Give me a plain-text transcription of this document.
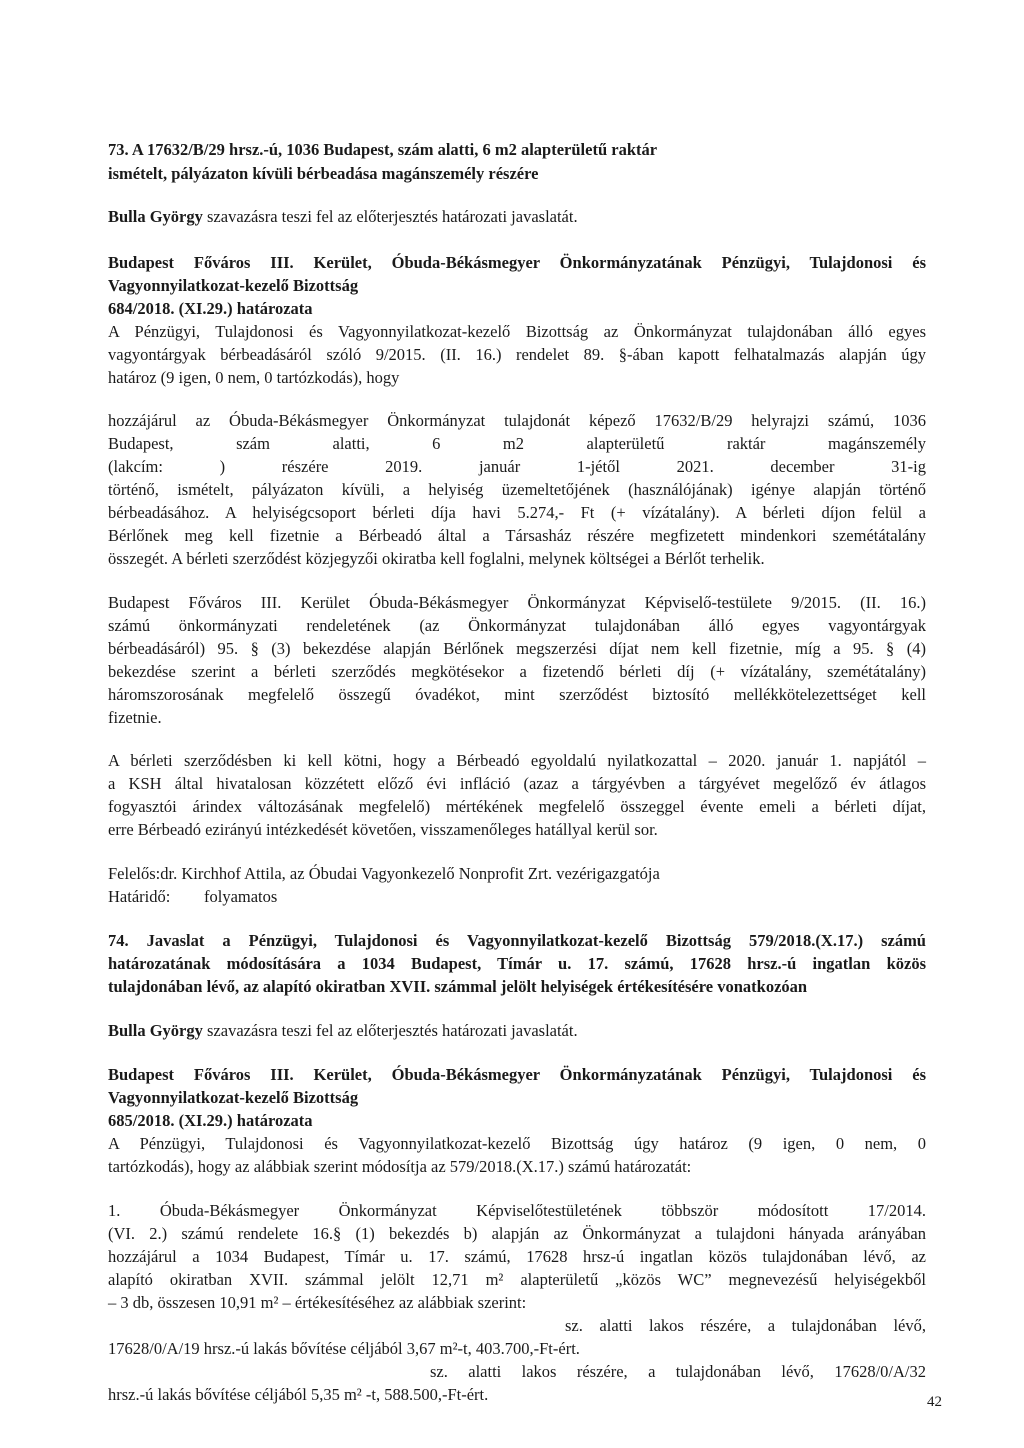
73. A 17632/B/29 hrsz.-ú, 1036 Budapest, szám alatti, 6 m2 alapterületű raktár
ismételt, pályázaton kívüli bérbeadása magánszemély részére
Bulla György szavazásra teszi fel az előterjesztés határozati javaslatát.
Budapest Főváros III. Kerület, Óbuda-Békásmegyer Önkormányzatának Pénzügyi, Tulajdonosi és
Vagyonnyilatkozat-kezelő Bizottság
684/2018. (XI.29.) határozata
A Pénzügyi, Tulajdonosi és Vagyonnyilatkozat-kezelő Bizottság az Önkormányzat tulajdonában álló egyes
vagyontárgyak bérbeadásáról szóló 9/2015. (II. 16.) rendelet 89. §-ában kapott felhatalmazás alapján úgy
határoz (9 igen, 0 nem, 0 tartózkodás), hogy
hozzájárul az Óbuda-Békásmegyer Önkormányzat tulajdonát képező 17632/B/29 helyrajzi számú, 1036
Budapest, szám alatti, 6 m2 alapterületű raktár magánszemély
(lakcím: ) részére 2019. január 1-jétől 2021. december 31-ig
történő, ismételt, pályázaton kívüli, a helyiség üzemeltetőjének (használójának) igénye alapján történő
bérbeadásához. A helyiségcsoport bérleti díja havi 5.274,- Ft (+ vízátalány). A bérleti díjon felül a
Bérlőnek meg kell fizetnie a Bérbeadó által a Társasház részére megfizetett mindenkori szemétátalány
összegét. A bérleti szerződést közjegyzői okiratba kell foglalni, melynek költségei a Bérlőt terhelik.
Budapest Főváros III. Kerület Óbuda-Békásmegyer Önkormányzat Képviselő-testülete 9/2015. (II. 16.)
számú önkormányzati rendeletének (az Önkormányzat tulajdonában álló egyes vagyontárgyak
bérbeadásáról) 95. § (3) bekezdése alapján Bérlőnek megszerzési díjat nem kell fizetnie, míg a 95. § (4)
bekezdése szerint a bérleti szerződés megkötésekor a fizetendő bérleti díj (+ vízátalány, szemétátalány)
háromszorosának megfelelő összegű óvadékot, mint szerződést biztosító mellékkötelezettséget kell
fizetnie.
A bérleti szerződésben ki kell kötni, hogy a Bérbeadó egyoldalú nyilatkozattal – 2020. január 1. napjától –
a KSH által hivatalosan közzétett előző évi infláció (azaz a tárgyévben a tárgyévet megelőző év átlagos
fogyasztói árindex változásának megfelelő) mértékének megfelelő összeggel évente emeli a bérleti díjat,
erre Bérbeadó ezirányú intézkedését követően, visszamenőleges hatállyal kerül sor.
Felelős:dr. Kirchhof Attila, az Óbudai Vagyonkezelő Nonprofit Zrt. vezérigazgatója
Határidő: folyamatos
74. Javaslat a Pénzügyi, Tulajdonosi és Vagyonnyilatkozat-kezelő Bizottság 579/2018.(X.17.) számú
határozatának módosítására a 1034 Budapest, Tímár u. 17. számú, 17628 hrsz.-ú ingatlan közös
tulajdonában lévő, az alapító okiratban XVII. számmal jelölt helyiségek értékesítésére vonatkozóan
Bulla György szavazásra teszi fel az előterjesztés határozati javaslatát.
Budapest Főváros III. Kerület, Óbuda-Békásmegyer Önkormányzatának Pénzügyi, Tulajdonosi és
Vagyonnyilatkozat-kezelő Bizottság
685/2018. (XI.29.) határozata
A Pénzügyi, Tulajdonosi és Vagyonnyilatkozat-kezelő Bizottság úgy határoz (9 igen, 0 nem, 0
tartózkodás), hogy az alábbiak szerint módosítja az 579/2018.(X.17.) számú határozatát:
1. Óbuda-Békásmegyer Önkormányzat Képviselőtestületének többször módosított 17/2014.
(VI. 2.) számú rendelete 16.§ (1) bekezdés b) alapján az Önkormányzat a tulajdoni hányada arányában
hozzájárul a 1034 Budapest, Tímár u. 17. számú, 17628 hrsz-ú ingatlan közös tulajdonában lévő, az
alapító okiratban XVII. számmal jelölt 12,71 m² alapterületű „közös WC” megnevezésű helyiségekből
– 3 db, összesen 10,91 m² – értékesítéséhez az alábbiak szerint:
sz. alatti lakos részére, a tulajdonában lévő,
17628/0/A/19 hrsz.-ú lakás bővítése céljából 3,67 m²-t, 403.700,-Ft-ért.
sz. alatti lakos részére, a tulajdonában lévő, 17628/0/A/32
hrsz.-ú lakás bővítése céljából 5,35 m² -t, 588.500,-Ft-ért.	42
